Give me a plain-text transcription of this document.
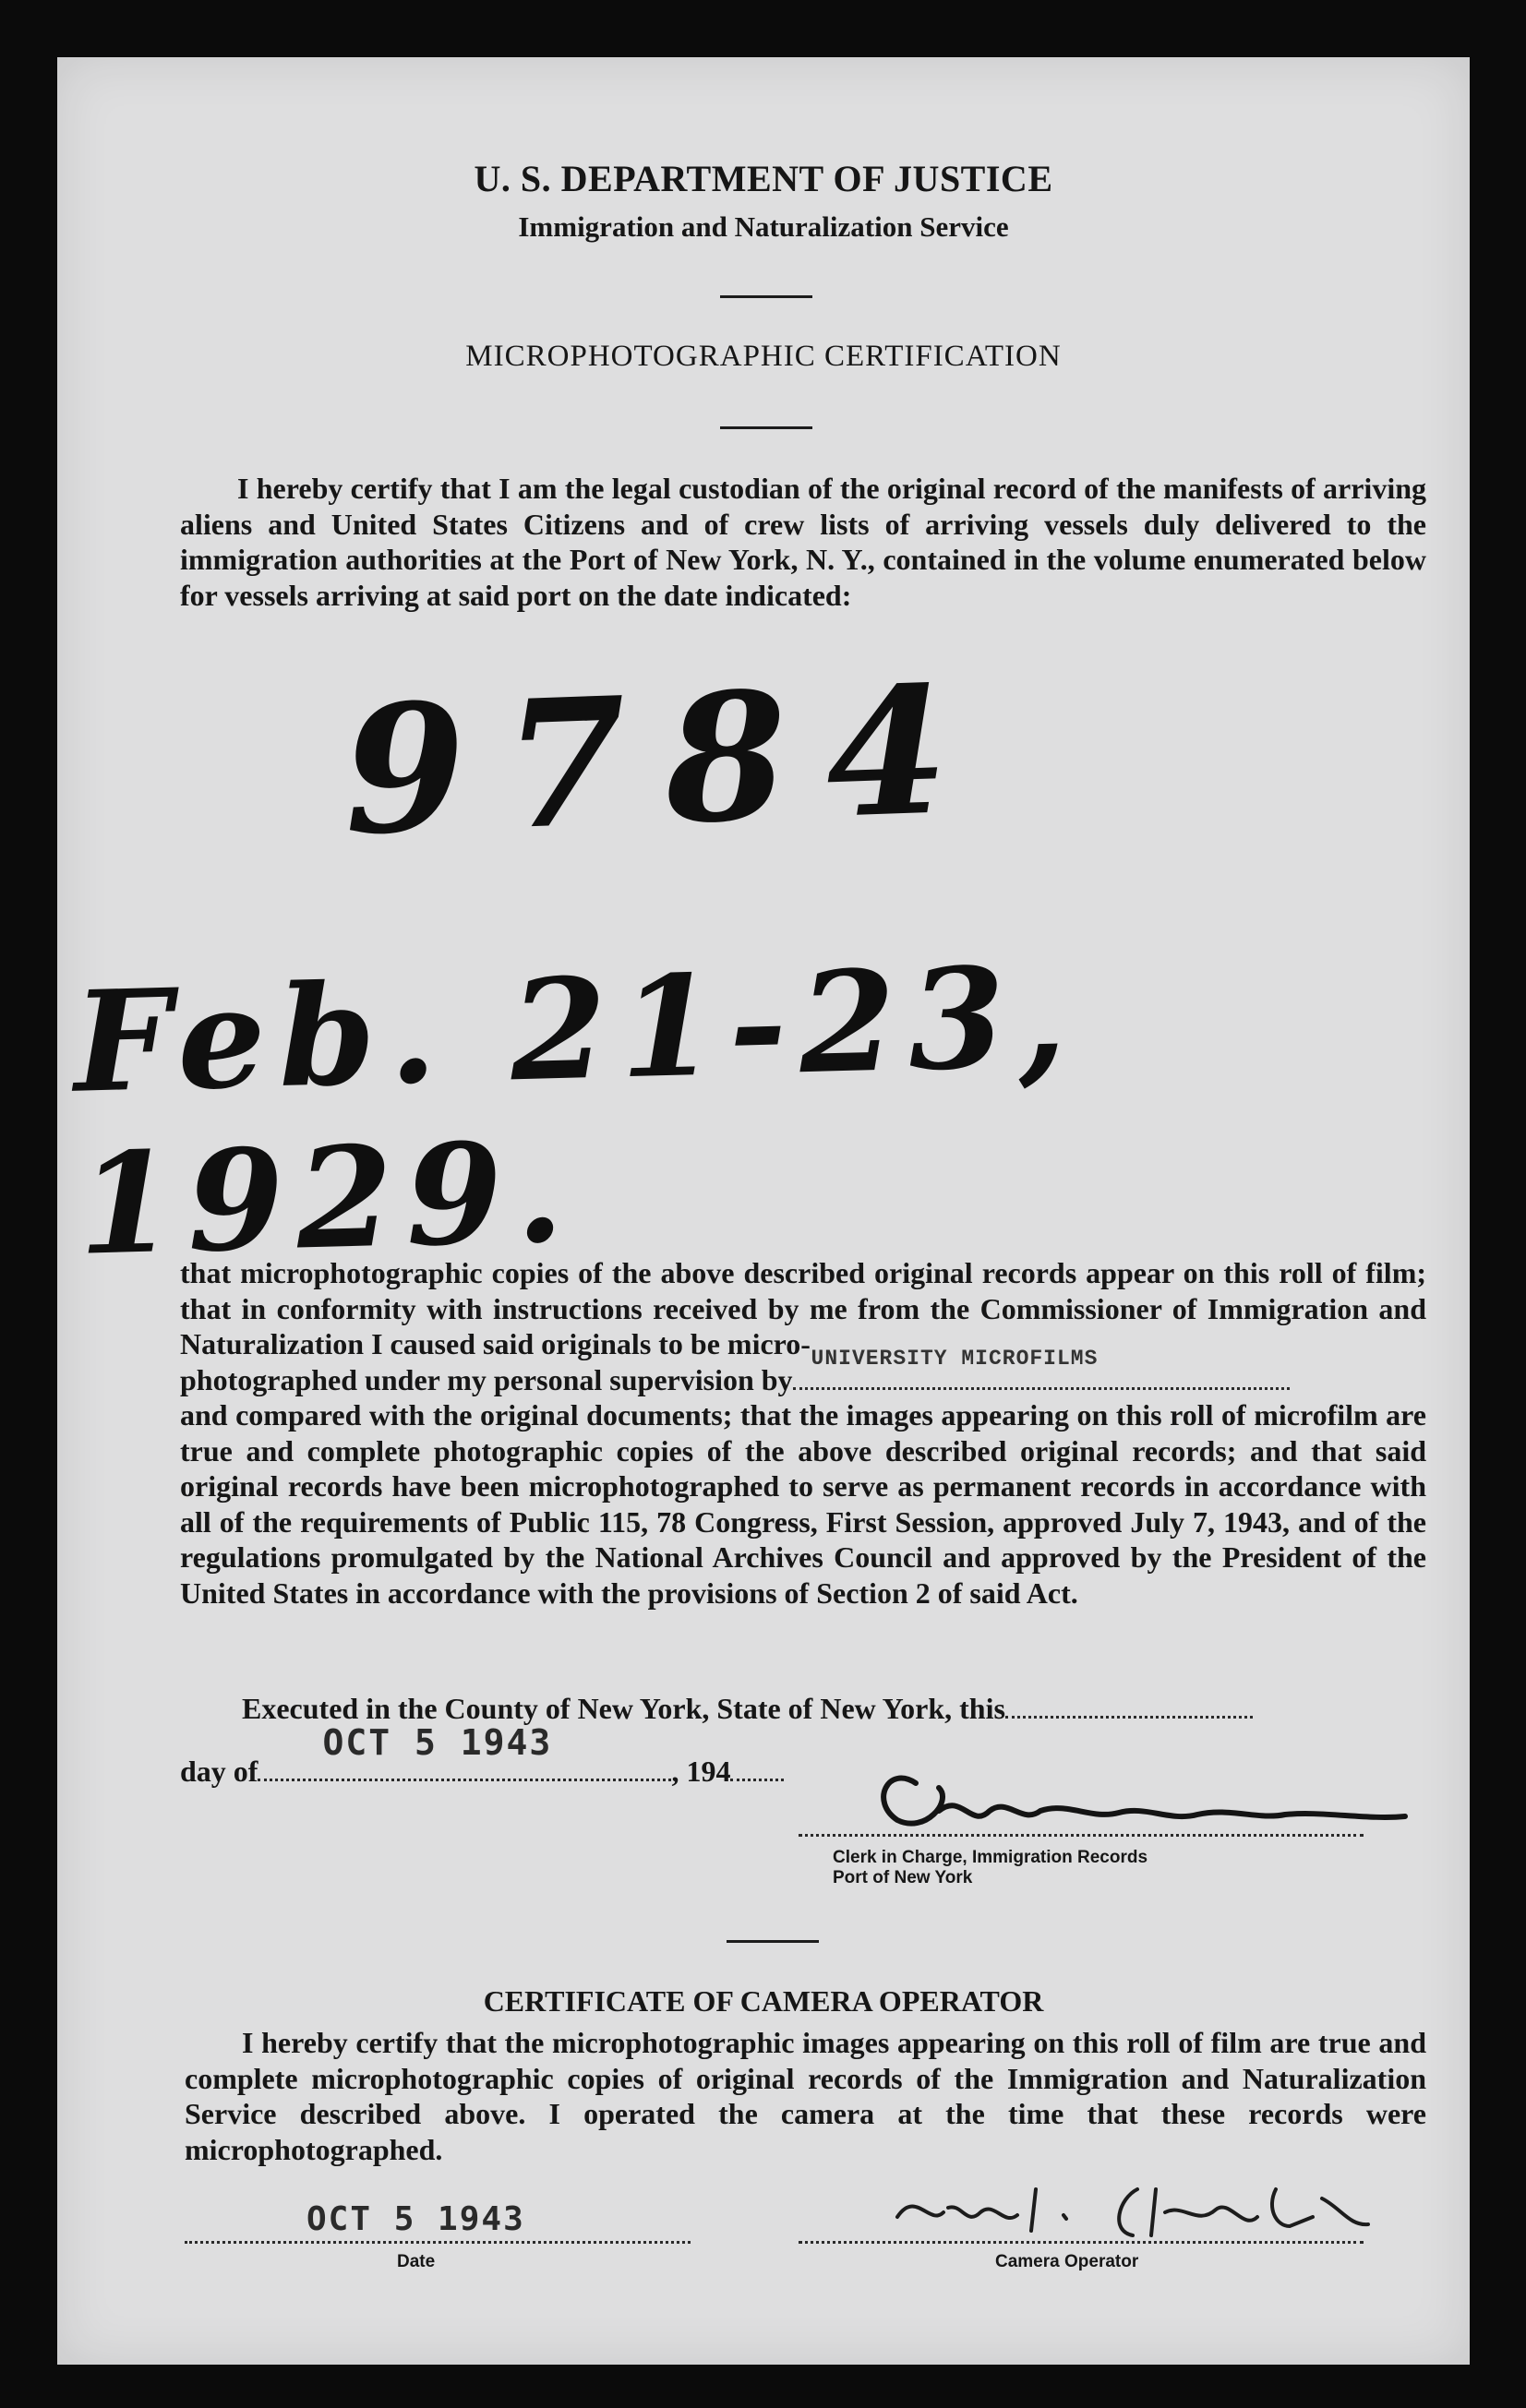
U. S. DEPARTMENT OF JUSTICE
Immigration and Naturalization Service
MICROPHOTOGRAPHIC CERTIFICATION
I hereby certify that I am the legal custodian of the original record of the manifests of arriving aliens and United States Citizens and of crew lists of arriving vessels duly delivered to the immigration authorities at the Port of New York, N. Y., contained in the volume enumerated below for vessels arriving at said port on the date indicated:
9784
Feb. 21-23, 1929.
that microphotographic copies of the above described original records appear on this roll of film; that in conformity with instructions received by me from the Commissioner of Immigration and Naturalization I caused said originals to be micro-
photographed under my personal supervision by
UNIVERSITY MICROFILMS
and compared with the original documents; that the images appearing on this roll of microfilm are true and complete photographic copies of the above described original records; and that said original records have been microphotographed to serve as permanent records in accordance with all of the requirements of Public 115, 78 Congress, First Session, approved July 7, 1943, and of the regulations promulgated by the National Archives Council and approved by the President of the United States in accordance with the provisions of Section 2 of said Act.
Executed in the County of New York, State of New York, this
day of
OCT 5 1943
, 194
Clerk in Charge, Immigration Records
Port of New York
CERTIFICATE OF CAMERA OPERATOR
I hereby certify that the microphotographic images appearing on this roll of film are true and complete microphotographic copies of original records of the Immigration and Naturalization Service described above. I operated the camera at the time that these records were microphotographed.
OCT 5 1943
Date	Camera Operator
